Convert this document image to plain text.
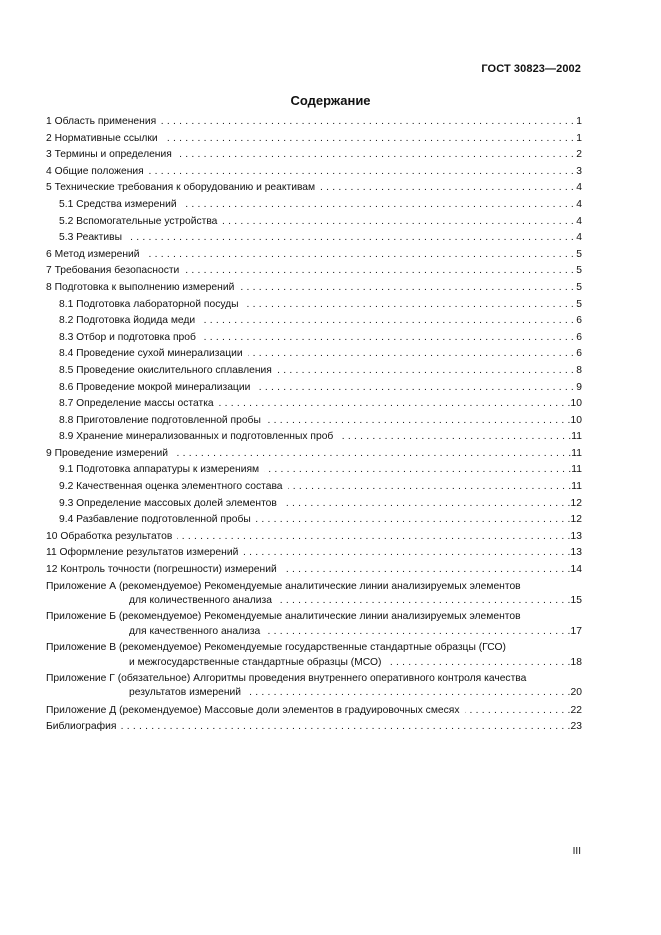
ГОСТ 30823—2002
Содержание
1 Область применения . . .	1
2 Нормативные ссылки . . .	1
3 Термины и определения . . .	2
4 Общие положения . . .	3
5 Технические требования к оборудованию и реактивам . . .	4
5.1 Средства измерений . . .	4
5.2 Вспомогательные устройства . . .	4
5.3 Реактивы . . .	4
6 Метод измерений . . .	5
7 Требования безопасности . . .	5
8 Подготовка к выполнению измерений . . .	5
8.1 Подготовка лабораторной посуды . . .	5
8.2 Подготовка йодида меди . . .	6
8.3 Отбор и подготовка проб . . .	6
8.4 Проведение сухой минерализации . . .	6
8.5 Проведение окислительного сплавления . . .	8
8.6 Проведение мокрой минерализации . . .	9
8.7 Определение массы остатка . . .	10
8.8 Приготовление подготовленной пробы . . .	10
8.9 Хранение минерализованных и подготовленных проб . . .	11
9 Проведение измерений . . .	11
9.1 Подготовка аппаратуры к измерениям . . .	11
9.2 Качественная оценка элементного состава . . .	11
9.3 Определение массовых долей элементов . . .	12
9.4 Разбавление подготовленной пробы . . .	12
10 Обработка результатов . . .	13
11 Оформление результатов измерений . . .	13
12 Контроль точности (погрешности) измерений . . .	14
Приложение А (рекомендуемое) Рекомендуемые аналитические линии анализируемых элементов
для количественного анализа . . .	15
Приложение Б (рекомендуемое) Рекомендуемые аналитические линии анализируемых элементов
для качественного анализа . . .	17
Приложение В (рекомендуемое) Рекомендуемые государственные стандартные образцы (ГСО)
и межгосударственные стандартные образцы (МСО) . . .	18
Приложение Г (обязательное) Алгоритмы проведения внутреннего оперативного контроля качества
результатов измерений . . .	20
Приложение Д (рекомендуемое) Массовые доли элементов в градуировочных смесях . . .	22
Библиография . . .	23
III
